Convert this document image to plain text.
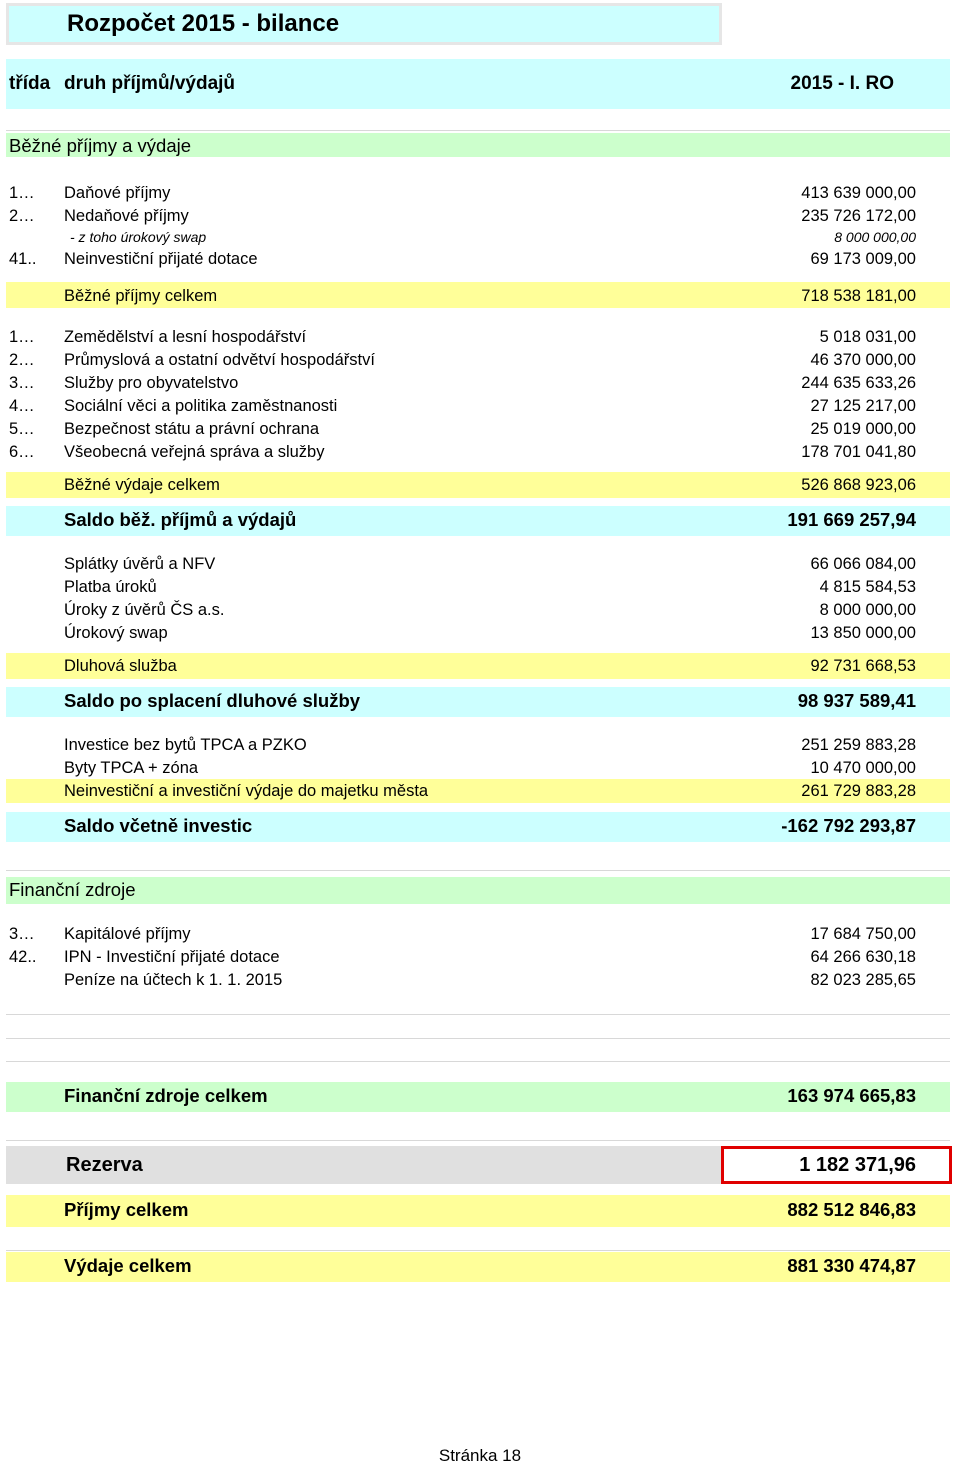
Rozpočet 2015 - bilance
třída druh příjmů/výdajů	2015 - I. RO
Běžné příjmy a výdaje
1… Daňové příjmy	413 639 000,00
2… Nedaňové příjmy	235 726 172,00
- z toho úrokový swap	8 000 000,00
41.. Neinvestiční přijaté dotace	69 173 009,00
Běžné příjmy celkem	718 538 181,00
1… Zemědělství a lesní hospodářství	5 018 031,00
2… Průmyslová a ostatní odvětví hospodářství	46 370 000,00
3… Služby pro obyvatelstvo	244 635 633,26
4… Sociální věci a politika zaměstnanosti	27 125 217,00
5… Bezpečnost státu a právní ochrana	25 019 000,00
6… Všeobecná veřejná správa a služby	178 701 041,80
Běžné výdaje celkem	526 868 923,06
Saldo běž. příjmů a výdajů	191 669 257,94
Splátky úvěrů a NFV	66 066 084,00
Platba úroků	4 815 584,53
Úroky z úvěrů ČS a.s.	8 000 000,00
Úrokový swap	13 850 000,00
Dluhová služba	92 731 668,53
Saldo po splacení dluhové služby	98 937 589,41
Investice bez bytů TPCA a PZKO	251 259 883,28
Byty TPCA + zóna	10 470 000,00
Neinvestiční a investiční výdaje do majetku města	261 729 883,28
Saldo včetně investic	-162 792 293,87
Finanční zdroje
3… Kapitálové příjmy	17 684 750,00
42.. IPN - Investiční přijaté dotace	64 266 630,18
Peníze na účtech k 1. 1. 2015	82 023 285,65
Finanční zdroje celkem	163 974 665,83
Rezerva	1 182 371,96
Příjmy celkem	882 512 846,83
Výdaje celkem	881 330 474,87
Stránka 18
